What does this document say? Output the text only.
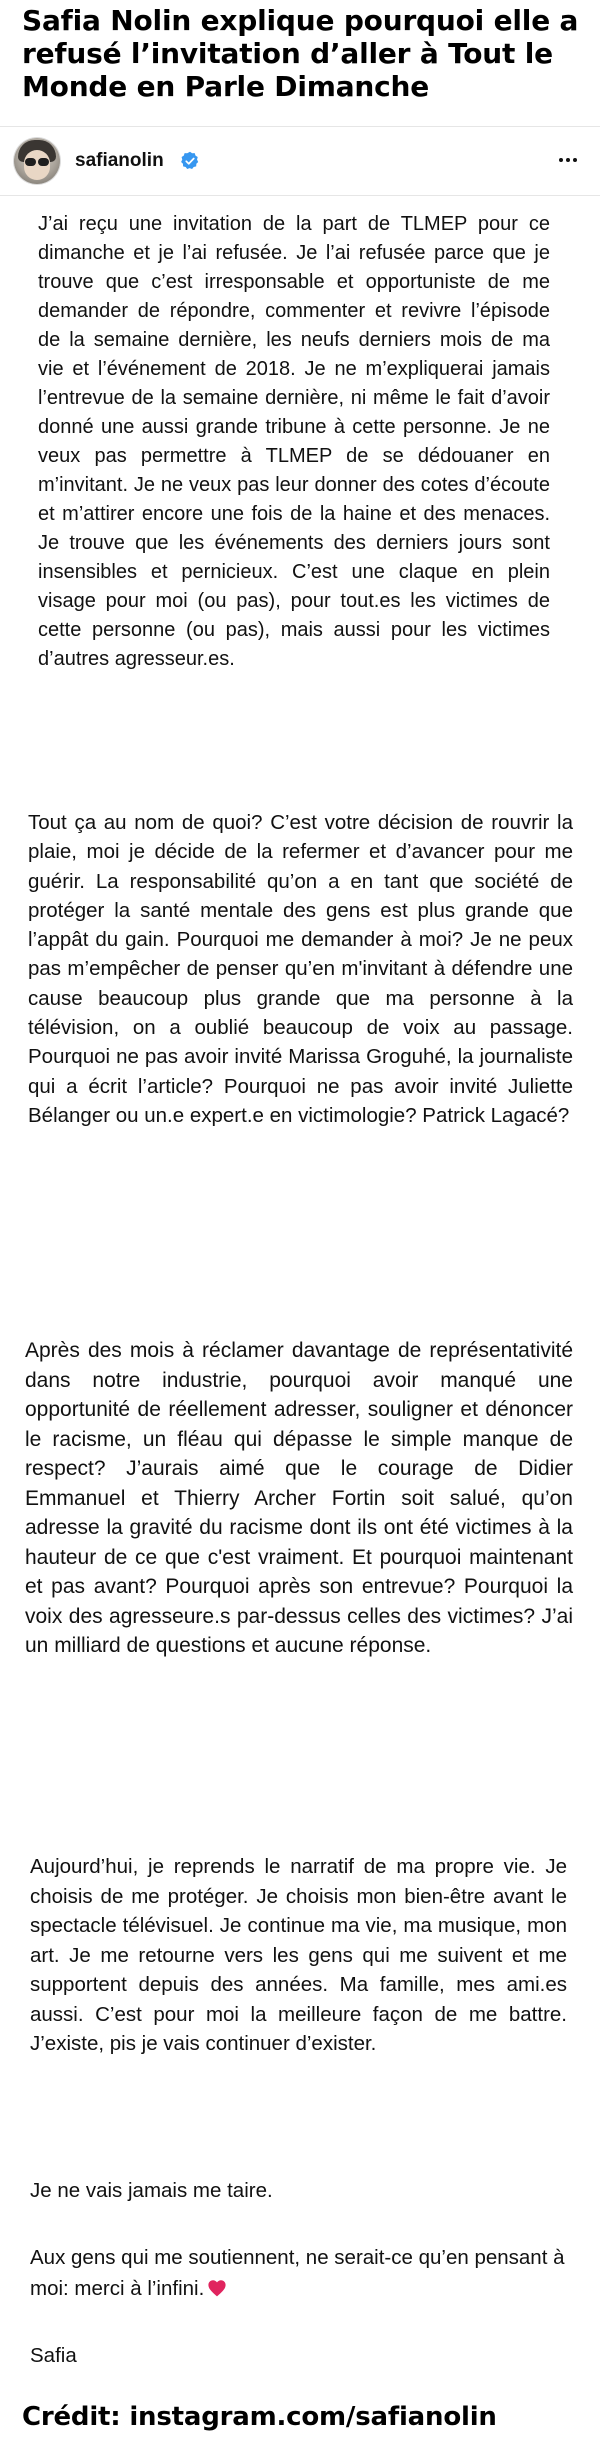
Safia Nolin explique pourquoi elle a refusé l’invitation d’aller à Tout le Monde en Parle Dimanche
safianolin

J’ai reçu une invitation de la part de TLMEP pour ce dimanche et je l’ai refusée. Je l’ai refusée parce que je trouve que c’est irresponsable et opportuniste de me demander de répondre, commenter et revivre l’épisode de la semaine dernière, les neufs derniers mois de ma vie et l’événement de 2018. Je ne m’expliquerai jamais l’entrevue de la semaine dernière, ni même le fait d’avoir donné une aussi grande tribune à cette personne. Je ne veux pas permettre à TLMEP de se dédouaner en m’invitant. Je ne veux pas leur donner des cotes d’écoute et m’attirer encore une fois de la haine et des menaces. Je trouve que les événements des derniers jours sont insensibles et pernicieux. C’est une claque en plein visage pour moi (ou pas), pour tout.es les victimes de cette personne (ou pas), mais aussi pour les victimes d’autres agresseur.es.

Tout ça au nom de quoi? C’est votre décision de rouvrir la plaie, moi je décide de la refermer et d’avancer pour me guérir. La responsabilité qu’on a en tant que société de protéger la santé mentale des gens est plus grande que l’appât du gain. Pourquoi me demander à moi? Je ne peux pas m’empêcher de penser qu’en m'invitant à défendre une cause beaucoup plus grande que ma personne à la télévision, on a oublié beaucoup de voix au passage. Pourquoi ne pas avoir invité Marissa Groguhé, la journaliste qui a écrit l’article? Pourquoi ne pas avoir invité Juliette Bélanger ou un.e expert.e en victimologie? Patrick Lagacé?

Après des mois à réclamer davantage de représentativité dans notre industrie, pourquoi avoir manqué une opportunité de réellement adresser, souligner et dénoncer le racisme, un fléau qui dépasse le simple manque de respect? J’aurais aimé que le courage de Didier Emmanuel et Thierry Archer Fortin soit salué, qu’on adresse la gravité du racisme dont ils ont été victimes à la hauteur de ce que c'est vraiment. Et pourquoi maintenant et pas avant? Pourquoi après son entrevue? Pourquoi la voix des agresseure.s par-dessus celles des victimes? J’ai un milliard de questions et aucune réponse.

Aujourd’hui, je reprends le narratif de ma propre vie. Je choisis de me protéger. Je choisis mon bien-être avant le spectacle télévisuel. Je continue ma vie, ma musique, mon art. Je me retourne vers les gens qui me suivent et me supportent depuis des années. Ma famille, mes ami.es aussi. C’est pour moi la meilleure façon de me battre. J’existe, pis je vais continuer d’exister.

Je ne vais jamais me taire.

Aux gens qui me soutiennent, ne serait-ce qu’en pensant à moi: merci à l’infini.

Safia

Crédit: instagram.com/safianolin
